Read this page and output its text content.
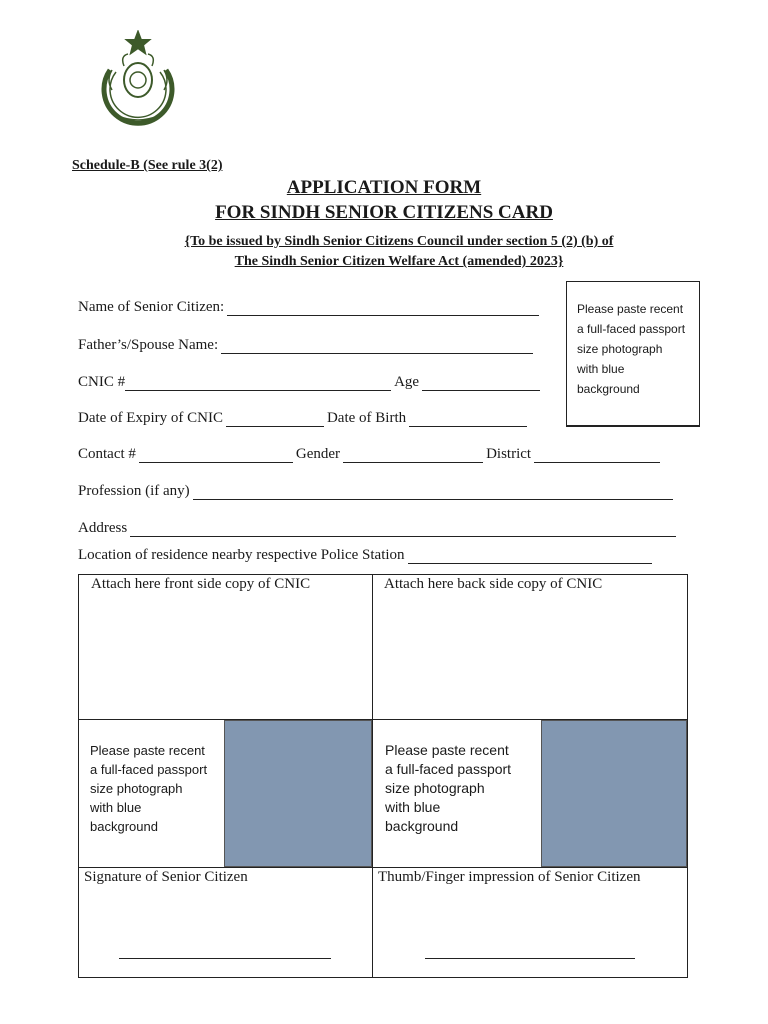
Schedule-B (See rule 3(2)
APPLICATION FORM
FOR SINDH SENIOR CITIZENS CARD
{To be issued by Sindh Senior Citizens Council under section 5 (2) (b) of
The Sindh Senior Citizen Welfare Act (amended) 2023}
Name of Senior Citizen:
Father’s/Spouse Name:
CNIC #	Age
Date of Expiry of CNIC	Date of Birth
Contact #	Gender	District
Profession (if any)
Address
Location of residence nearby respective Police Station
Please paste recent
a full-faced passport
size photograph
with blue
background
Attach here front side copy of CNIC	Attach here back side copy of CNIC
Please paste recent
a full-faced passport
size photograph
with blue
background
Please paste recent
a full-faced passport
size photograph
with blue
background
Signature of Senior Citizen	Thumb/Finger impression of Senior Citizen
